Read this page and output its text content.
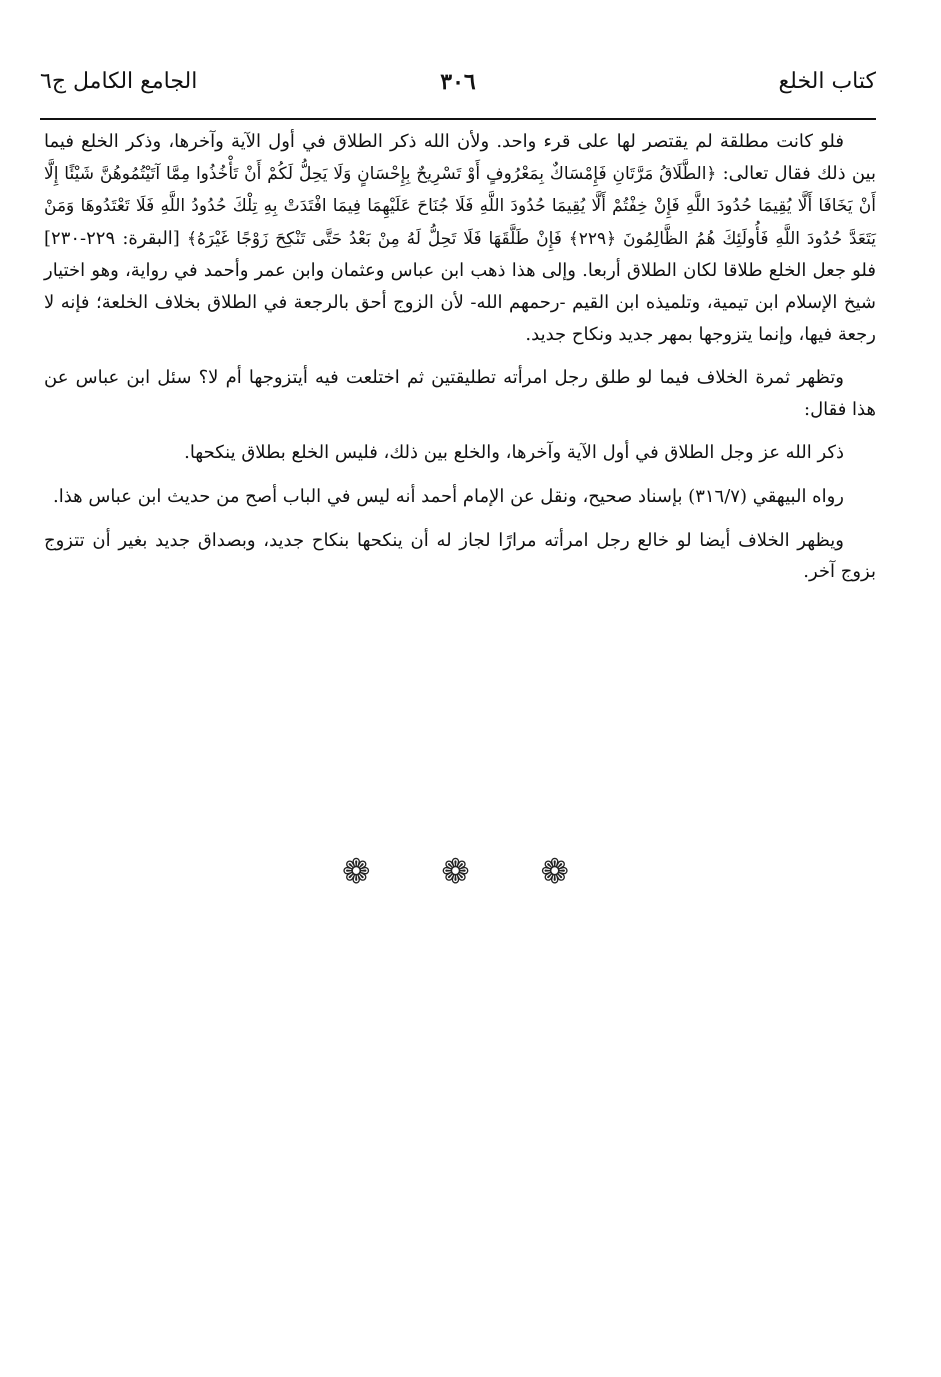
كتاب الخلع
٣٠٦
الجامع الكامل ج٦

فلو كانت مطلقة لم يقتصر لها على قرء واحد. ولأن الله ذكر الطلاق في أول الآية وآخرها، وذكر الخلع فيما بين ذلك فقال تعالى: ﴿الطَّلَاقُ مَرَّتَانِ فَإِمْسَاكٌ بِمَعْرُوفٍ أَوْ تَسْرِيحٌ بِإِحْسَانٍ وَلَا يَحِلُّ لَكُمْ أَنْ تَأْخُذُوا مِمَّا آتَيْتُمُوهُنَّ شَيْئًا إِلَّا أَنْ يَخَافَا أَلَّا يُقِيمَا حُدُودَ اللَّهِ فَإِنْ خِفْتُمْ أَلَّا يُقِيمَا حُدُودَ اللَّهِ فَلَا جُنَاحَ عَلَيْهِمَا فِيمَا افْتَدَتْ بِهِ تِلْكَ حُدُودُ اللَّهِ فَلَا تَعْتَدُوهَا وَمَنْ يَتَعَدَّ حُدُودَ اللَّهِ فَأُولَئِكَ هُمُ الظَّالِمُونَ ﴿٢٢٩﴾ فَإِنْ طَلَّقَهَا فَلَا تَحِلُّ لَهُ مِنْ بَعْدُ حَتَّى تَنْكِحَ زَوْجًا غَيْرَهُ﴾ [البقرة: ٢٢٩-٢٣٠] فلو جعل الخلع طلاقا لكان الطلاق أربعا. وإلى هذا ذهب ابن عباس وعثمان وابن عمر وأحمد في رواية، وهو اختيار شيخ الإسلام ابن تيمية، وتلميذه ابن القيم -رحمهم الله- لأن الزوج أحق بالرجعة في الطلاق بخلاف الخلعة؛ فإنه لا رجعة فيها، وإنما يتزوجها بمهر جديد ونكاح جديد.

وتظهر ثمرة الخلاف فيما لو طلق رجل امرأته تطليقتين ثم اختلعت فيه أيتزوجها أم لا؟ سئل ابن عباس عن هذا فقال:

ذكر الله عز وجل الطلاق في أول الآية وآخرها، والخلع بين ذلك، فليس الخلع بطلاق ينكحها.

رواه البيهقي (٣١٦/٧) بإسناد صحيح، ونقل عن الإمام أحمد أنه ليس في الباب أصح من حديث ابن عباس هذا.

ويظهر الخلاف أيضا لو خالع رجل امرأته مرارًا لجاز له أن ينكحها بنكاح جديد، وبصداق جديد بغير أن تتزوج بزوج آخر.

❁ ❁ ❁
